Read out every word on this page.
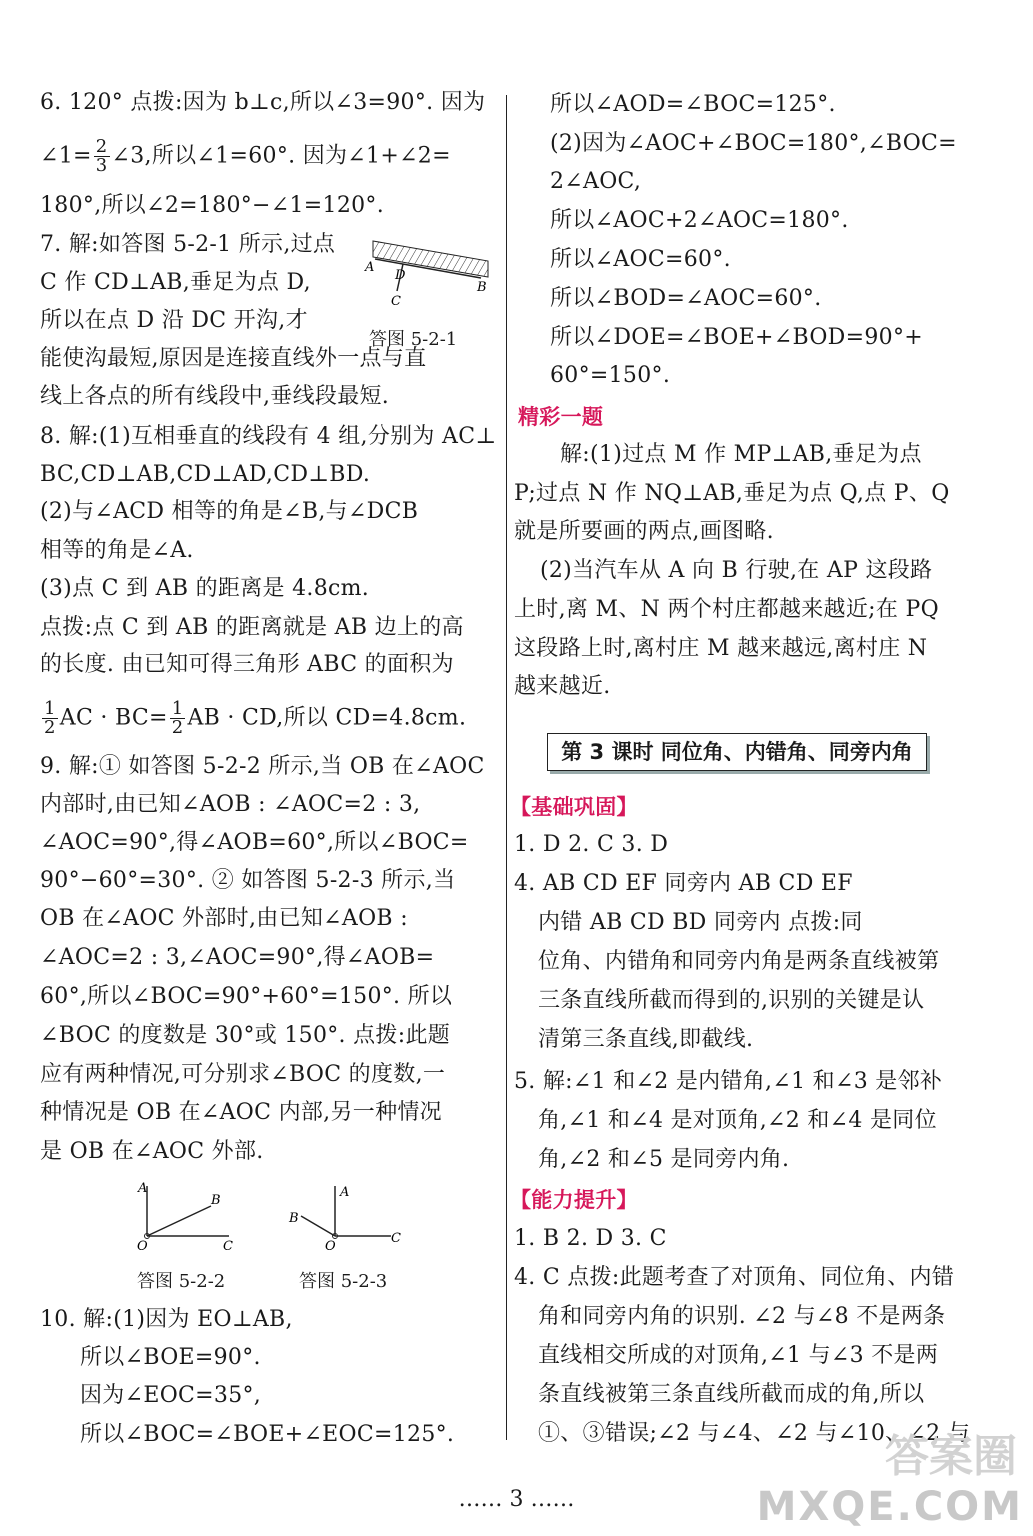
6. 120° 点拨:因为 b⊥c,所以∠3=90°. 因为
∠1= $\frac{2}{3}$ ∠3,所以∠1=60°. 因为∠1+∠2=
180°,所以∠2=180°−∠1=120°.
7. 解:如答图 5-2-1 所示,过点
C 作 CD⊥AB,垂足为点 D,
所以在点 D 沿 DC 开沟,才
能使沟最短,原因是连接直线外一点与直
线上各点的所有线段中,垂线段最短.
8. 解:(1)互相垂直的线段有 4 组,分别为 AC⊥
BC,CD⊥AB,CD⊥AD,CD⊥BD.
(2)与∠ACD 相等的角是∠B,与∠DCB
相等的角是∠A.
(3)点 C 到 AB 的距离是 4.8cm.
点拨:点 C 到 AB 的距离就是 AB 边上的高
的长度. 由已知可得三角形 ABC 的面积为
$\frac{1}{2}$ AC · $BC= \frac{1}{2}$ AB · CD,所以 CD=4.8cm.
9. 解:① 如答图 5-2-2 所示,当 OB 在∠AOC
内部时,由已知∠AOB : ∠AOC=2 : 3,
∠AOC=90°,得∠AOB=60°,所以∠BOC=
90°−60°=30°. ② 如答图 5-2-3 所示,当
OB 在∠AOC 外部时,由已知∠AOB :
∠AOC=2 : 3,∠AOC=90°,得∠AOB=
60°,所以∠BOC=90°+60°=150°. 所以
∠BOC 的度数是 30°或 150°. 点拨:此题
应有两种情况,可分别求∠BOC 的度数,一
种情况是 OB 在∠AOC 内部,另一种情况
是 OB 在∠AOC 外部.
10. 解:(1)因为 EO⊥AB,
所以∠BOE=90°.
因为∠EOC=35°,
所以∠BOC=∠BOE+∠EOC=125°.
A
D
B
C
答图 5-2-1
A
B
O	C
答图 5-2-2
A
B
O
C
答图 5-2-3
所以∠AOD=∠BOC=125°.
(2)因为∠AOC+∠BOC=180°,∠BOC=
2∠AOC,
所以∠AOC+2∠AOC=180°.
所以∠AOC=60°.
所以∠BOD=∠AOC=60°.
所以∠DOE=∠BOE+∠BOD=90°+
60°=150°.
精彩一题
解:(1)过点 M 作 MP⊥AB,垂足为点
P;过点 N 作 NQ⊥AB,垂足为点 Q,点 P、Q
就是所要画的两点,画图略.
(2)当汽车从 A 向 B 行驶,在 AP 这段路
上时,离 M、N 两个村庄都越来越近;在 PQ
这段路上时,离村庄 M 越来越远,离村庄 N
越来越近.
【基础巩固】
1. D 2. C 3. D
4. AB CD EF 同旁内 AB CD EF
内错 AB CD BD 同旁内 点拨:同
位角、内错角和同旁内角是两条直线被第
三条直线所截而得到的,识别的关键是认
清第三条直线,即截线.
5. 解:∠1 和∠2 是内错角,∠1 和∠3 是邻补
角,∠1 和∠4 是对顶角,∠2 和∠4 是同位
角,∠2 和∠5 是同旁内角.
【能力提升】
1. B 2. D 3. C
4. C 点拨:此题考查了对顶角、同位角、内错
角和同旁内角的识别. ∠2 与∠8 不是两条
直线相交所成的对顶角,∠1 与∠3 不是两
条直线被第三条直线所截而成的角,所以
①、③错误;∠2 与∠4、∠2 与∠10、∠2 与
第 3 课时 同位角、内错角、同旁内角
…… 3 ……
答案圈
MXQE.COM
